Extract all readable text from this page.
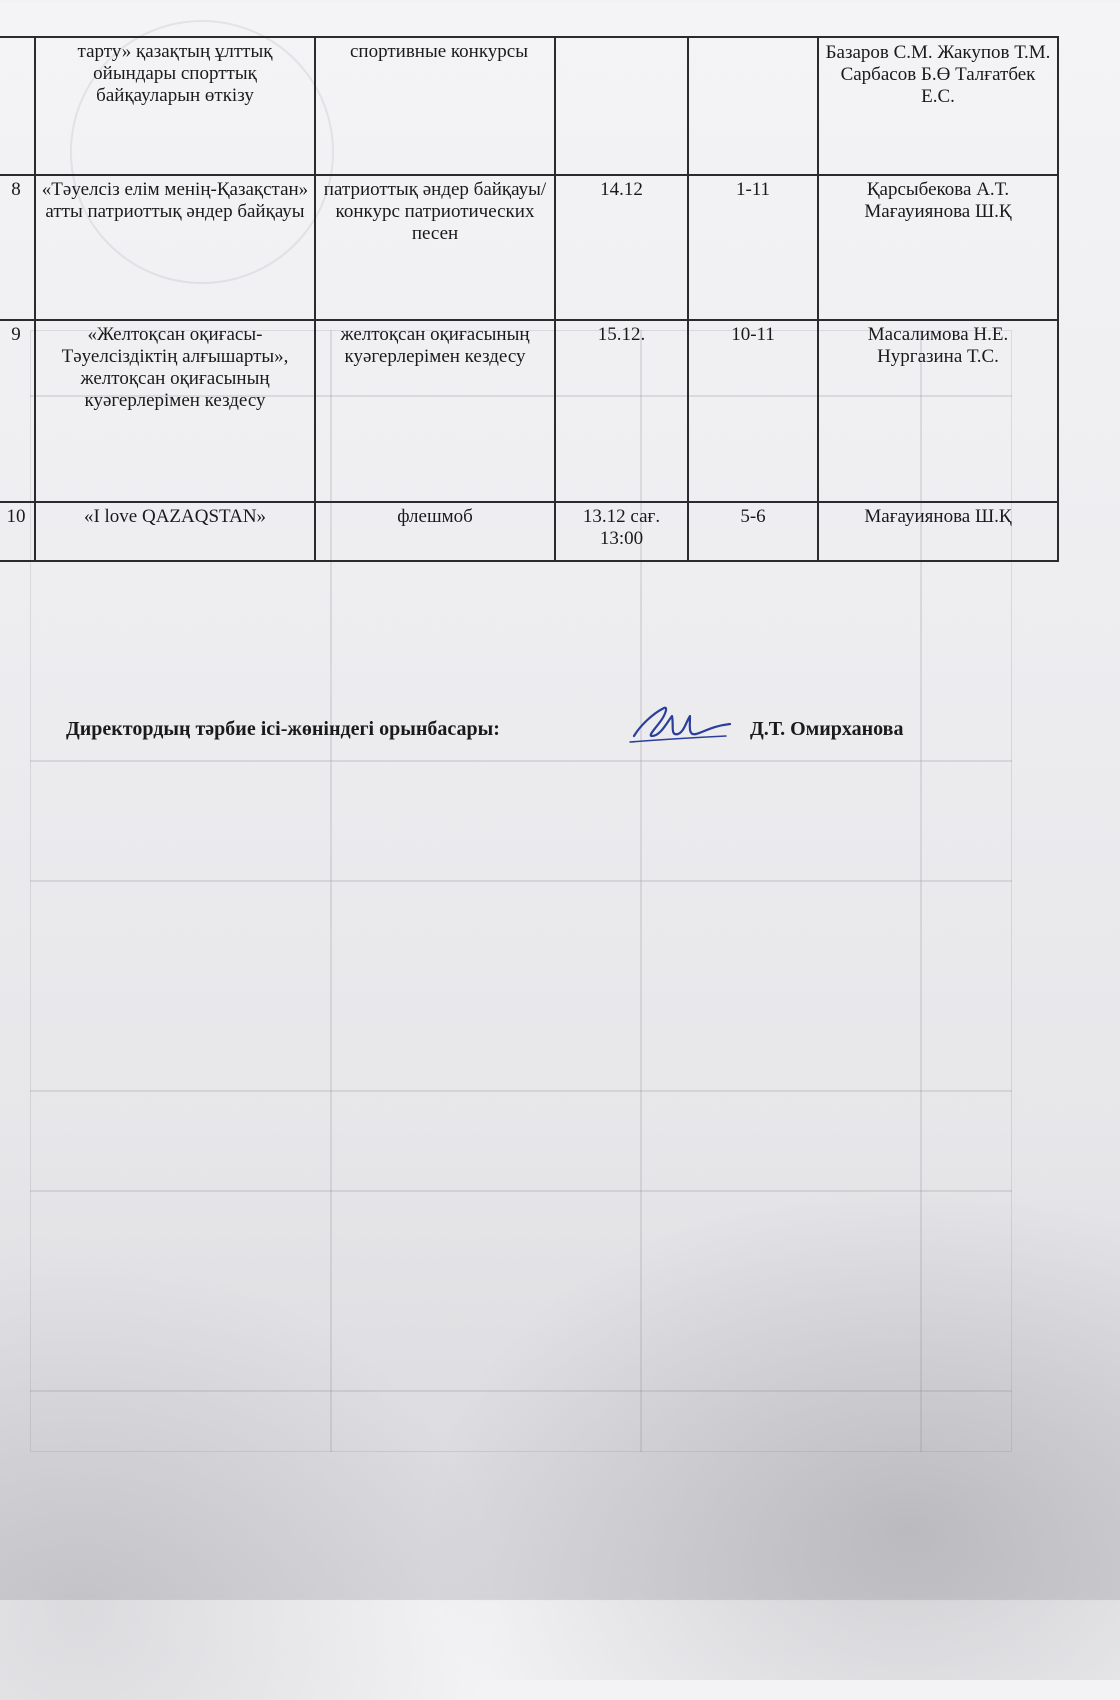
	тарту» қазақтың ұлттық ойындары спорттық байқауларын өткізу	спортивные конкурсы			Базаров С.М. Жакупов Т.М. Сарбасов Б.Ө Талғатбек Е.С.
8	«Тәуелсіз елім менің-Қазақстан» атты патриоттық әндер байқауы	патриоттық әндер байқауы/ конкурс патриотических песен	14.12	1-11	Қарсыбекова А.Т. Мағауиянова Ш.Қ
9	«Желтоқсан оқиғасы-Тәуелсіздіктің алғышарты», желтоқсан оқиғасының куәгерлерімен кездесу	желтоқсан оқиғасының куәгерлерімен кездесу	15.12.	10-11	Масалимова Н.Е. Нургазина Т.С.
10	«I love QAZAQSTAN»	флешмоб	13.12 сағ. 13:00	5-6	Мағауиянова Ш.Қ
Директордың тәрбие ісі-жөніндегі орынбасары:	Д.Т. Омирханова
